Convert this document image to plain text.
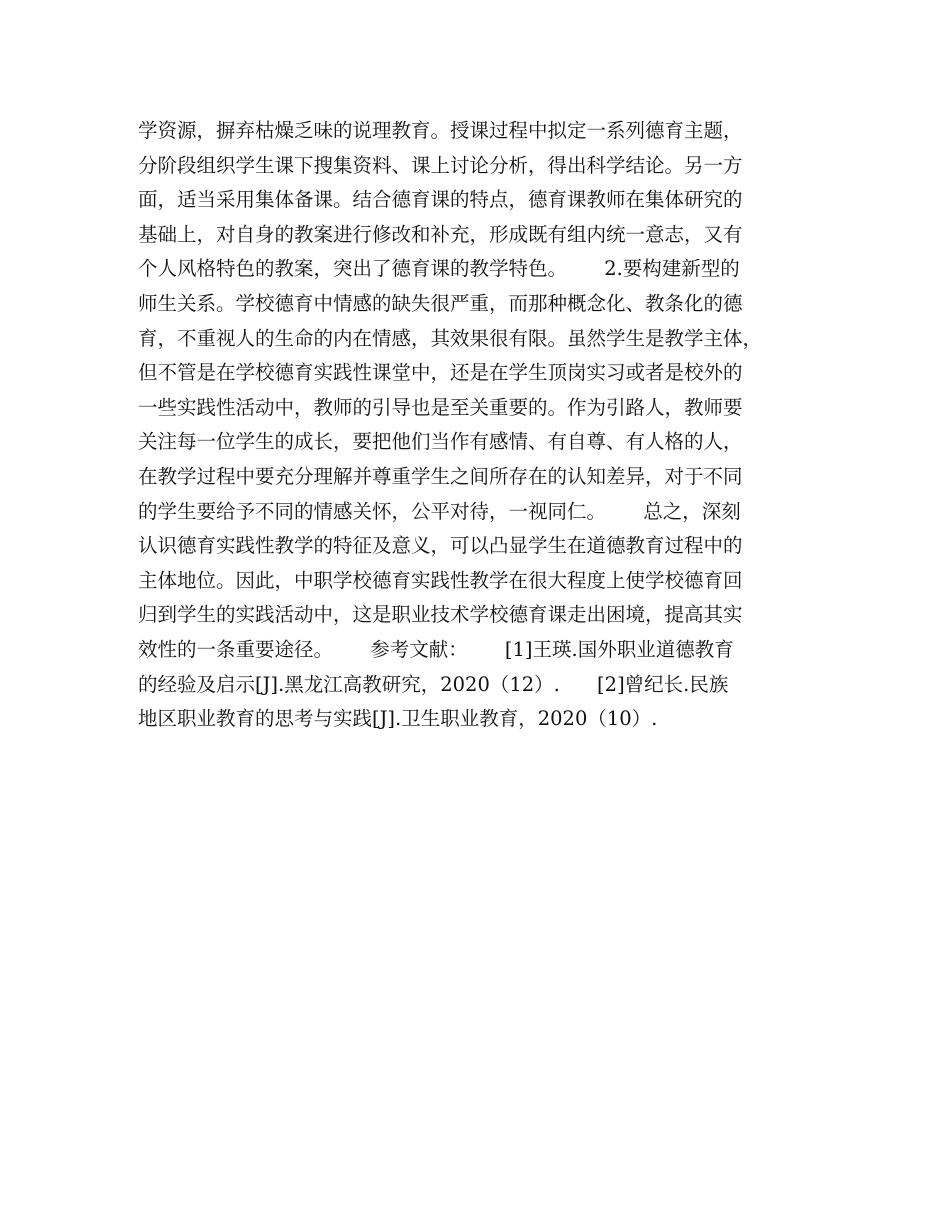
学资源，摒弃枯燥乏味的说理教育。授课过程中拟定一系列德育主题，
分阶段组织学生课下搜集资料、课上讨论分析，得出科学结论。另一方
面，适当采用集体备课。结合德育课的特点，德育课教师在集体研究的
基础上，对自身的教案进行修改和补充，形成既有组内统一意志，又有
个人风格特色的教案，突出了德育课的教学特色。      2.要构建新型的
师生关系。学校德育中情感的缺失很严重，而那种概念化、教条化的德
育，不重视人的生命的内在情感，其效果很有限。虽然学生是教学主体，
但不管是在学校德育实践性课堂中，还是在学生顶岗实习或者是校外的
一些实践性活动中，教师的引导也是至关重要的。作为引路人，教师要
关注每一位学生的成长，要把他们当作有感情、有自尊、有人格的人，
在教学过程中要充分理解并尊重学生之间所存在的认知差异，对于不同
的学生要给予不同的情感关怀，公平对待，一视同仁。      总之，深刻
认识德育实践性教学的特征及意义，可以凸显学生在道德教育过程中的
主体地位。因此，中职学校德育实践性教学在很大程度上使学校德育回
归到学生的实践活动中，这是职业技术学校德育课走出困境，提高其实
效性的一条重要途径。      参考文献：      [1]王瑛.国外职业道德教育
的经验及启示[J].黑龙江高教研究，2020（12）.      [2]曾纪长.民族
地区职业教育的思考与实践[J].卫生职业教育，2020（10）.
